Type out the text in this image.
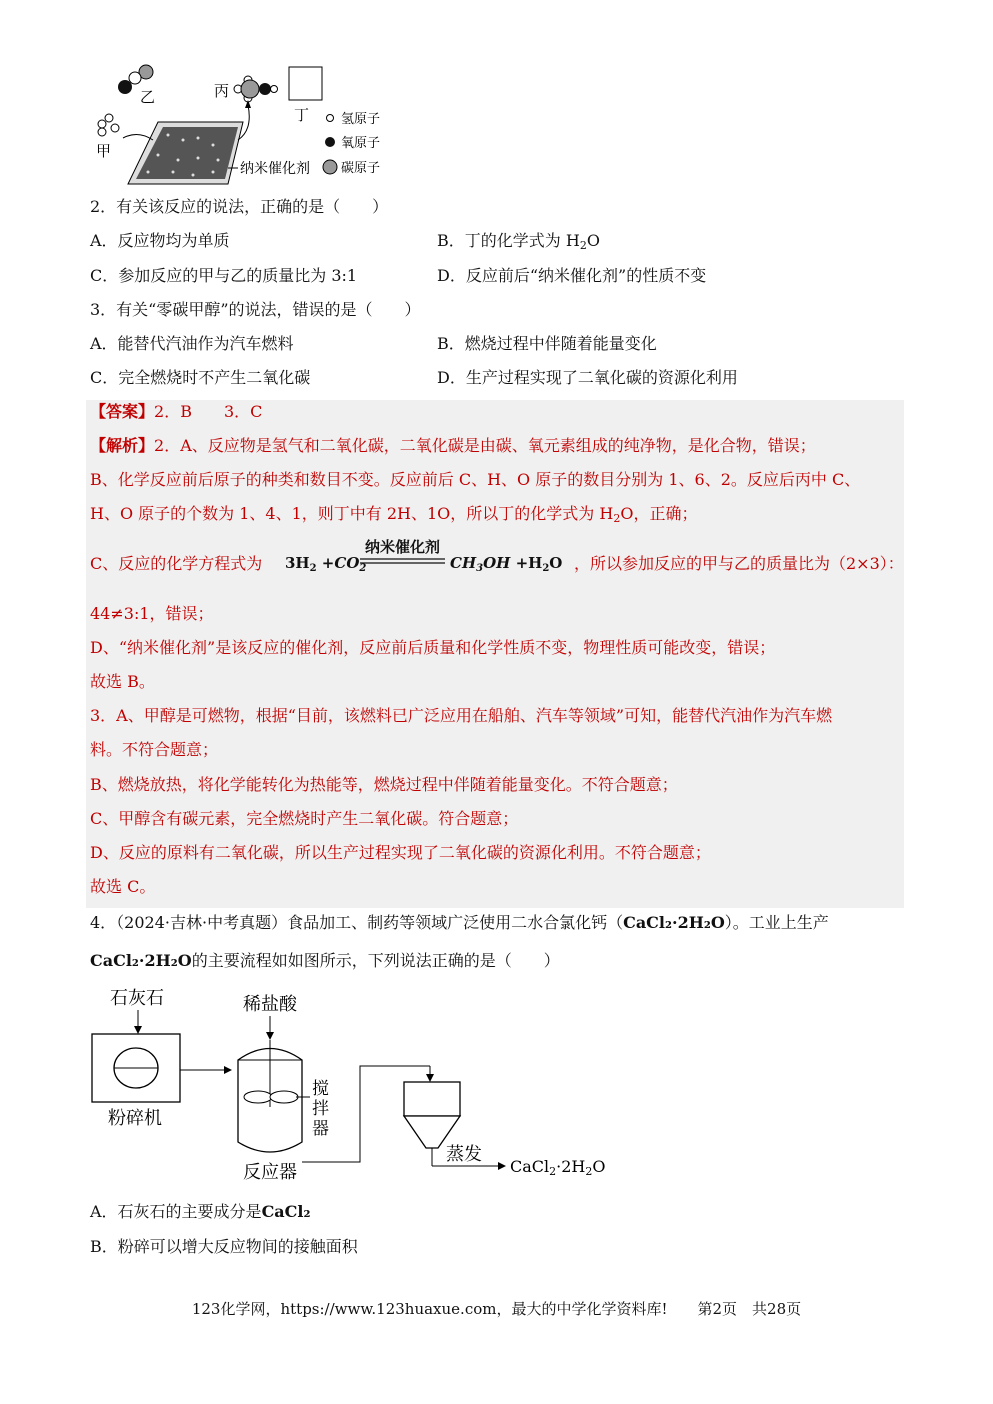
乙	丙
丁
甲
纳米催化剂
氢原子
氧原子
碳原子
2．有关该反应的说法，正确的是（　　）
A．反应物均为单质	B．丁的化学式为 $H_2O$
C．参加反应的甲与乙的质量比为 3:1	D．反应前后“纳米催化剂”的性质不变
3．有关“零碳甲醇”的说法，错误的是（　　）
A．能替代汽油作为汽车燃料	B．燃烧过程中伴随着能量变化
C．完全燃烧时不产生二氧化碳	D．生产过程实现了二氧化碳的资源化利用
【答案】2．B　　3．C
【解析】2．A、反应物是氢气和二氧化碳，二氧化碳是由碳、氧元素组成的纯净物，是化合物，错误；
B、化学反应前后原子的种类和数目不变。反应前后 C、H、O 原子的数目分别为 1、6、2。反应后丙中 C、
H、O 原子的个数为 1、4、1，则丁中有 2H、1O，所以丁的化学式为 $H_2O$，正确；
C、反应的化学方程式为 $3H_2 +CO_2$
纳米催化剂
$CH_3OH +H_2O$ ，所以参加反应的甲与乙的质量比为（2×3）：
44≠3:1，错误；
D、“纳米催化剂”是该反应的催化剂，反应前后质量和化学性质不变，物理性质可能改变，错误；
故选 B。
3．A、甲醇是可燃物，根据“目前，该燃料已广泛应用在船舶、汽车等领域”可知，能替代汽油作为汽车燃
料。不符合题意；
B、燃烧放热，将化学能转化为热能等，燃烧过程中伴随着能量变化。不符合题意；
C、甲醇含有碳元素，完全燃烧时产生二氧化碳。符合题意；
D、反应的原料有二氧化碳，所以生产过程实现了二氧化碳的资源化利用。不符合题意；
故选 C。
4．（2024·吉林·中考真题）食品加工、制药等领域广泛使用二水合氯化钙（CaCl₂·2H₂O）。工业上生产
CaCl₂·2H₂O的主要流程如如图所示，下列说法正确的是（　　）
石灰石
粉碎机
稀盐酸
搅
拌
器
反应器
蒸发
CaCl2·2H2O
A．石灰石的主要成分是CaCl₂
B．粉碎可以增大反应物间的接触面积
123化学网，https://www.123huaxue.com，最大的中学化学资料库!　　第2页　共28页
